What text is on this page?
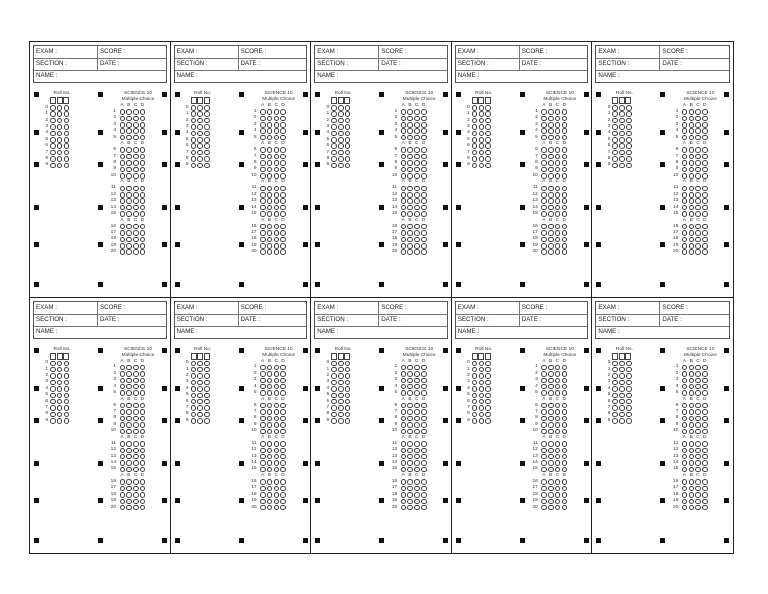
EXAM :	SCORE :
SECTION :	DATE :
NAME :
Roll No.
0
1
2
3
4
5
6
7
8
9
SCIENCE 10
Multiple Choice
A B C D
1
2
3
4
5
A B C D
6
7
8
9
10
A B C D
11
12
13
14
15
A B C D
16
17
18
19
20
EXAM :	SCORE :
SECTION :	DATE :
NAME :
Roll No.
0
1
2
3
4
5
6
7
8
9
SCIENCE 10
Multiple Choice
A B C D
1
2
3
4
5
A B C D
6
7
8
9
10
A B C D
11
12
13
14
15
A B C D
16
17
18
19
20
EXAM :	SCORE :
SECTION :	DATE :
NAME :
Roll No.
0
1
2
3
4
5
6
7
8
9
SCIENCE 10
Multiple Choice
A B C D
1
2
3
4
5
A B C D
6
7
8
9
10
A B C D
11
12
13
14
15
A B C D
16
17
18
19
20
EXAM :	SCORE :
SECTION :	DATE :
NAME :
Roll No.
0
1
2
3
4
5
6
7
8
9
SCIENCE 10
Multiple Choice
A B C D
1
2
3
4
5
A B C D
6
7
8
9
10
A B C D
11
12
13
14
15
A B C D
16
17
18
19
20
EXAM :	SCORE :
SECTION :	DATE :
NAME :
Roll No.
0
1
2
3
4
5
6
7
8
9
SCIENCE 10
Multiple Choice
A B C D
1
2
3
4
5
A B C D
6
7
8
9
10
A B C D
11
12
13
14
15
A B C D
16
17
18
19
20
EXAM :	SCORE :
SECTION :	DATE :
NAME :
Roll No.
0
1
2
3
4
5
6
7
8
9
SCIENCE 10
Multiple Choice
A B C D
1
2
3
4
5
A B C D
6
7
8
9
10
A B C D
11
12
13
14
15
A B C D
16
17
18
19
20
EXAM :	SCORE :
SECTION :	DATE :
NAME :
Roll No.
0
1
2
3
4
5
6
7
8
9
SCIENCE 10
Multiple Choice
A B C D
1
2
3
4
5
A B C D
6
7
8
9
10
A B C D
11
12
13
14
15
A B C D
16
17
18
19
20
EXAM :	SCORE :
SECTION :	DATE :
NAME :
Roll No.
0
1
2
3
4
5
6
7
8
9
SCIENCE 10
Multiple Choice
A B C D
1
2
3
4
5
A B C D
6
7
8
9
10
A B C D
11
12
13
14
15
A B C D
16
17
18
19
20
EXAM :	SCORE :
SECTION :	DATE :
NAME :
Roll No.
0
1
2
3
4
5
6
7
8
9
SCIENCE 10
Multiple Choice
A B C D
1
2
3
4
5
A B C D
6
7
8
9
10
A B C D
11
12
13
14
15
A B C D
16
17
18
19
20
EXAM :	SCORE :
SECTION :	DATE :
NAME :
Roll No.
0
1
2
3
4
5
6
7
8
9
SCIENCE 10
Multiple Choice
A B C D
1
2
3
4
5
A B C D
6
7
8
9
10
A B C D
11
12
13
14
15
A B C D
16
17
18
19
20
